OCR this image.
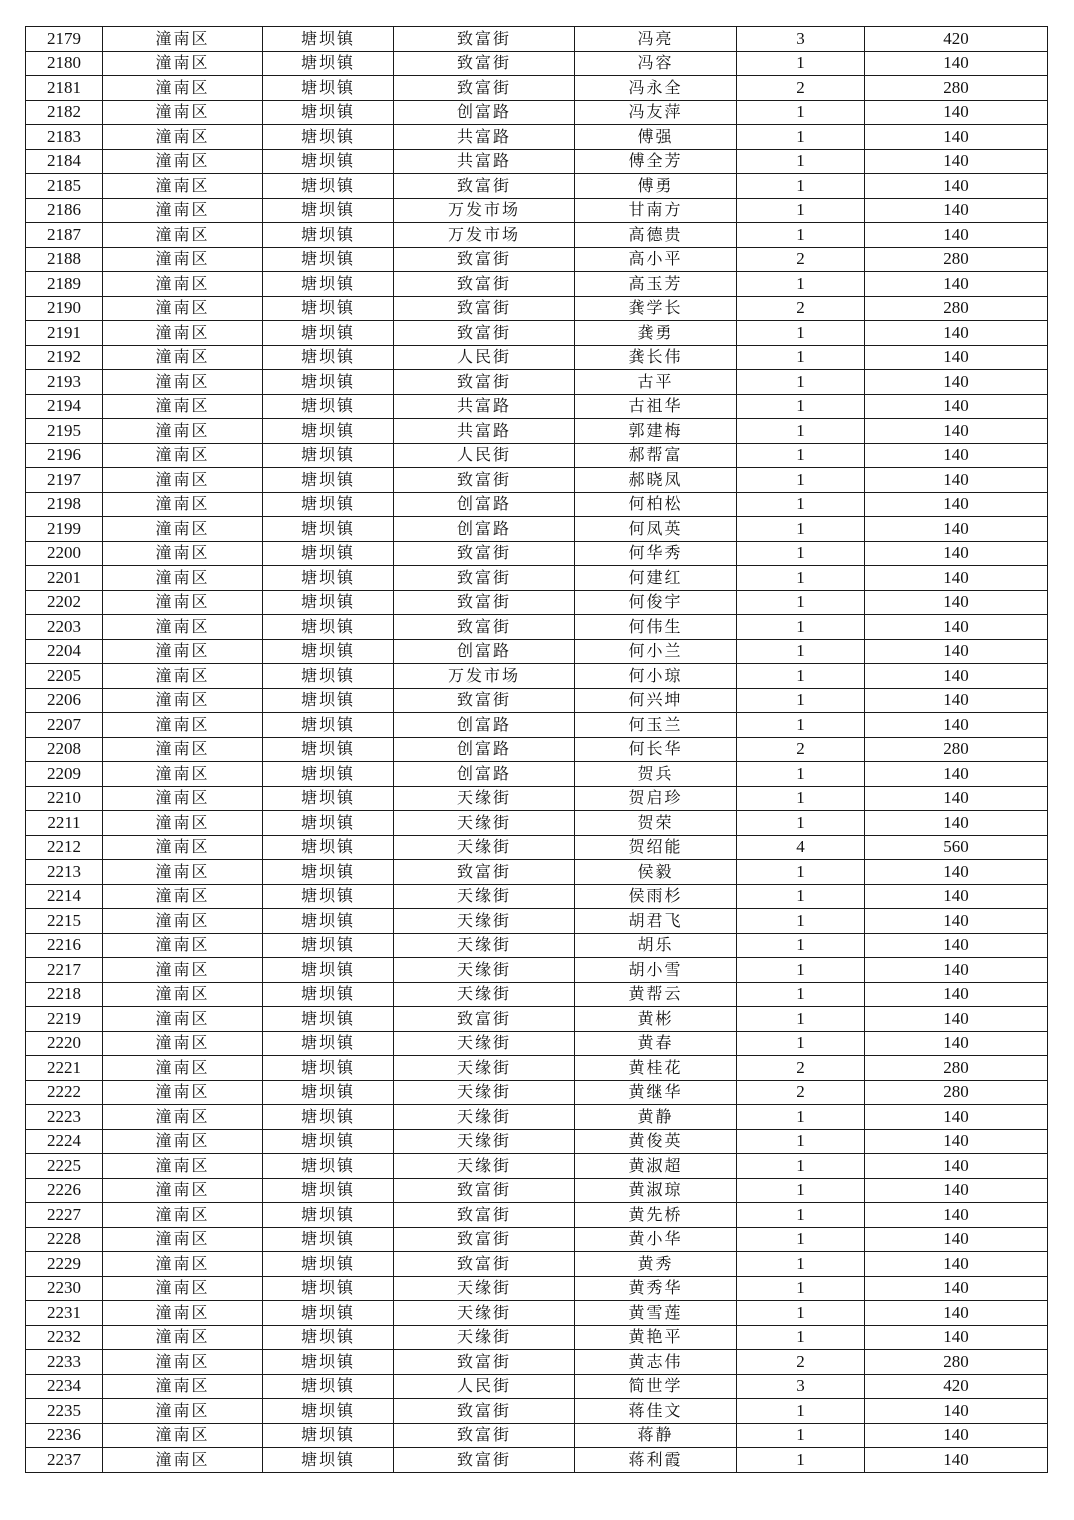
2179	潼南区	塘坝镇	致富街	冯亮	3	420
2180	潼南区	塘坝镇	致富街	冯容	1	140
2181	潼南区	塘坝镇	致富街	冯永全	2	280
2182	潼南区	塘坝镇	创富路	冯友萍	1	140
2183	潼南区	塘坝镇	共富路	傅强	1	140
2184	潼南区	塘坝镇	共富路	傅全芳	1	140
2185	潼南区	塘坝镇	致富街	傅勇	1	140
2186	潼南区	塘坝镇	万发市场	甘南方	1	140
2187	潼南区	塘坝镇	万发市场	高德贵	1	140
2188	潼南区	塘坝镇	致富街	高小平	2	280
2189	潼南区	塘坝镇	致富街	高玉芳	1	140
2190	潼南区	塘坝镇	致富街	龚学长	2	280
2191	潼南区	塘坝镇	致富街	龚勇	1	140
2192	潼南区	塘坝镇	人民街	龚长伟	1	140
2193	潼南区	塘坝镇	致富街	古平	1	140
2194	潼南区	塘坝镇	共富路	古祖华	1	140
2195	潼南区	塘坝镇	共富路	郭建梅	1	140
2196	潼南区	塘坝镇	人民街	郝帮富	1	140
2197	潼南区	塘坝镇	致富街	郝晓凤	1	140
2198	潼南区	塘坝镇	创富路	何柏松	1	140
2199	潼南区	塘坝镇	创富路	何凤英	1	140
2200	潼南区	塘坝镇	致富街	何华秀	1	140
2201	潼南区	塘坝镇	致富街	何建红	1	140
2202	潼南区	塘坝镇	致富街	何俊宇	1	140
2203	潼南区	塘坝镇	致富街	何伟生	1	140
2204	潼南区	塘坝镇	创富路	何小兰	1	140
2205	潼南区	塘坝镇	万发市场	何小琼	1	140
2206	潼南区	塘坝镇	致富街	何兴坤	1	140
2207	潼南区	塘坝镇	创富路	何玉兰	1	140
2208	潼南区	塘坝镇	创富路	何长华	2	280
2209	潼南区	塘坝镇	创富路	贺兵	1	140
2210	潼南区	塘坝镇	天缘街	贺启珍	1	140
2211	潼南区	塘坝镇	天缘街	贺荣	1	140
2212	潼南区	塘坝镇	天缘街	贺绍能	4	560
2213	潼南区	塘坝镇	致富街	侯毅	1	140
2214	潼南区	塘坝镇	天缘街	侯雨杉	1	140
2215	潼南区	塘坝镇	天缘街	胡君飞	1	140
2216	潼南区	塘坝镇	天缘街	胡乐	1	140
2217	潼南区	塘坝镇	天缘街	胡小雪	1	140
2218	潼南区	塘坝镇	天缘街	黄帮云	1	140
2219	潼南区	塘坝镇	致富街	黄彬	1	140
2220	潼南区	塘坝镇	天缘街	黄春	1	140
2221	潼南区	塘坝镇	天缘街	黄桂花	2	280
2222	潼南区	塘坝镇	天缘街	黄继华	2	280
2223	潼南区	塘坝镇	天缘街	黄静	1	140
2224	潼南区	塘坝镇	天缘街	黄俊英	1	140
2225	潼南区	塘坝镇	天缘街	黄淑超	1	140
2226	潼南区	塘坝镇	致富街	黄淑琼	1	140
2227	潼南区	塘坝镇	致富街	黄先桥	1	140
2228	潼南区	塘坝镇	致富街	黄小华	1	140
2229	潼南区	塘坝镇	致富街	黄秀	1	140
2230	潼南区	塘坝镇	天缘街	黄秀华	1	140
2231	潼南区	塘坝镇	天缘街	黄雪莲	1	140
2232	潼南区	塘坝镇	天缘街	黄艳平	1	140
2233	潼南区	塘坝镇	致富街	黄志伟	2	280
2234	潼南区	塘坝镇	人民街	简世学	3	420
2235	潼南区	塘坝镇	致富街	蒋佳文	1	140
2236	潼南区	塘坝镇	致富街	蒋静	1	140
2237	潼南区	塘坝镇	致富街	蒋利霞	1	140
